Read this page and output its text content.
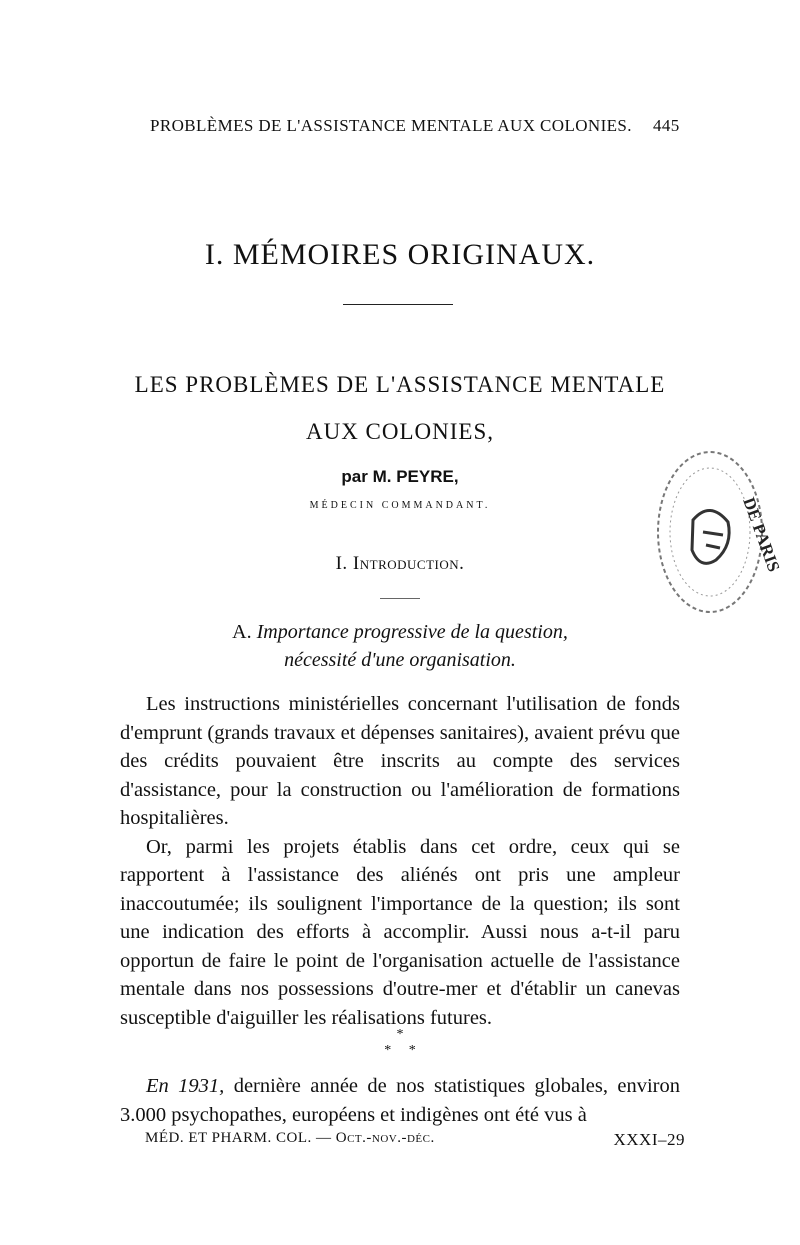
PROBLÈMES DE L'ASSISTANCE MENTALE AUX COLONIES. 445
I. MÉMOIRES ORIGINAUX.
LES PROBLÈMES DE L'ASSISTANCE MENTALE
AUX COLONIES,
par M. PEYRE,
MÉDECIN COMMANDANT.
I. Introduction.
A. Importance progressive de la question,
nécessité d'une organisation.

Les instructions ministérielles concernant l'utilisation de fonds d'emprunt (grands travaux et dépenses sanitaires), avaient prévu que des crédits pouvaient être inscrits au compte des services d'assistance, pour la construction ou l'amélioration de formations hospitalières.

Or, parmi les projets établis dans cet ordre, ceux qui se rapportent à l'assistance des aliénés ont pris une ampleur inaccoutumée; ils soulignent l'importance de la question; ils sont une indication des efforts à accomplir. Aussi nous a-t-il paru opportun de faire le point de l'organisation actuelle de l'assistance mentale dans nos possessions d'outre-mer et d'établir un canevas susceptible d'aiguiller les réalisations futures.

*
* *

En 1931, dernière année de nos statistiques globales, environ 3.000 psychopathes, européens et indigènes ont été vus à

MÉD. ET PHARM. COL. — Oct.-nov.-déc.	XXXI–29
DE PARIS
